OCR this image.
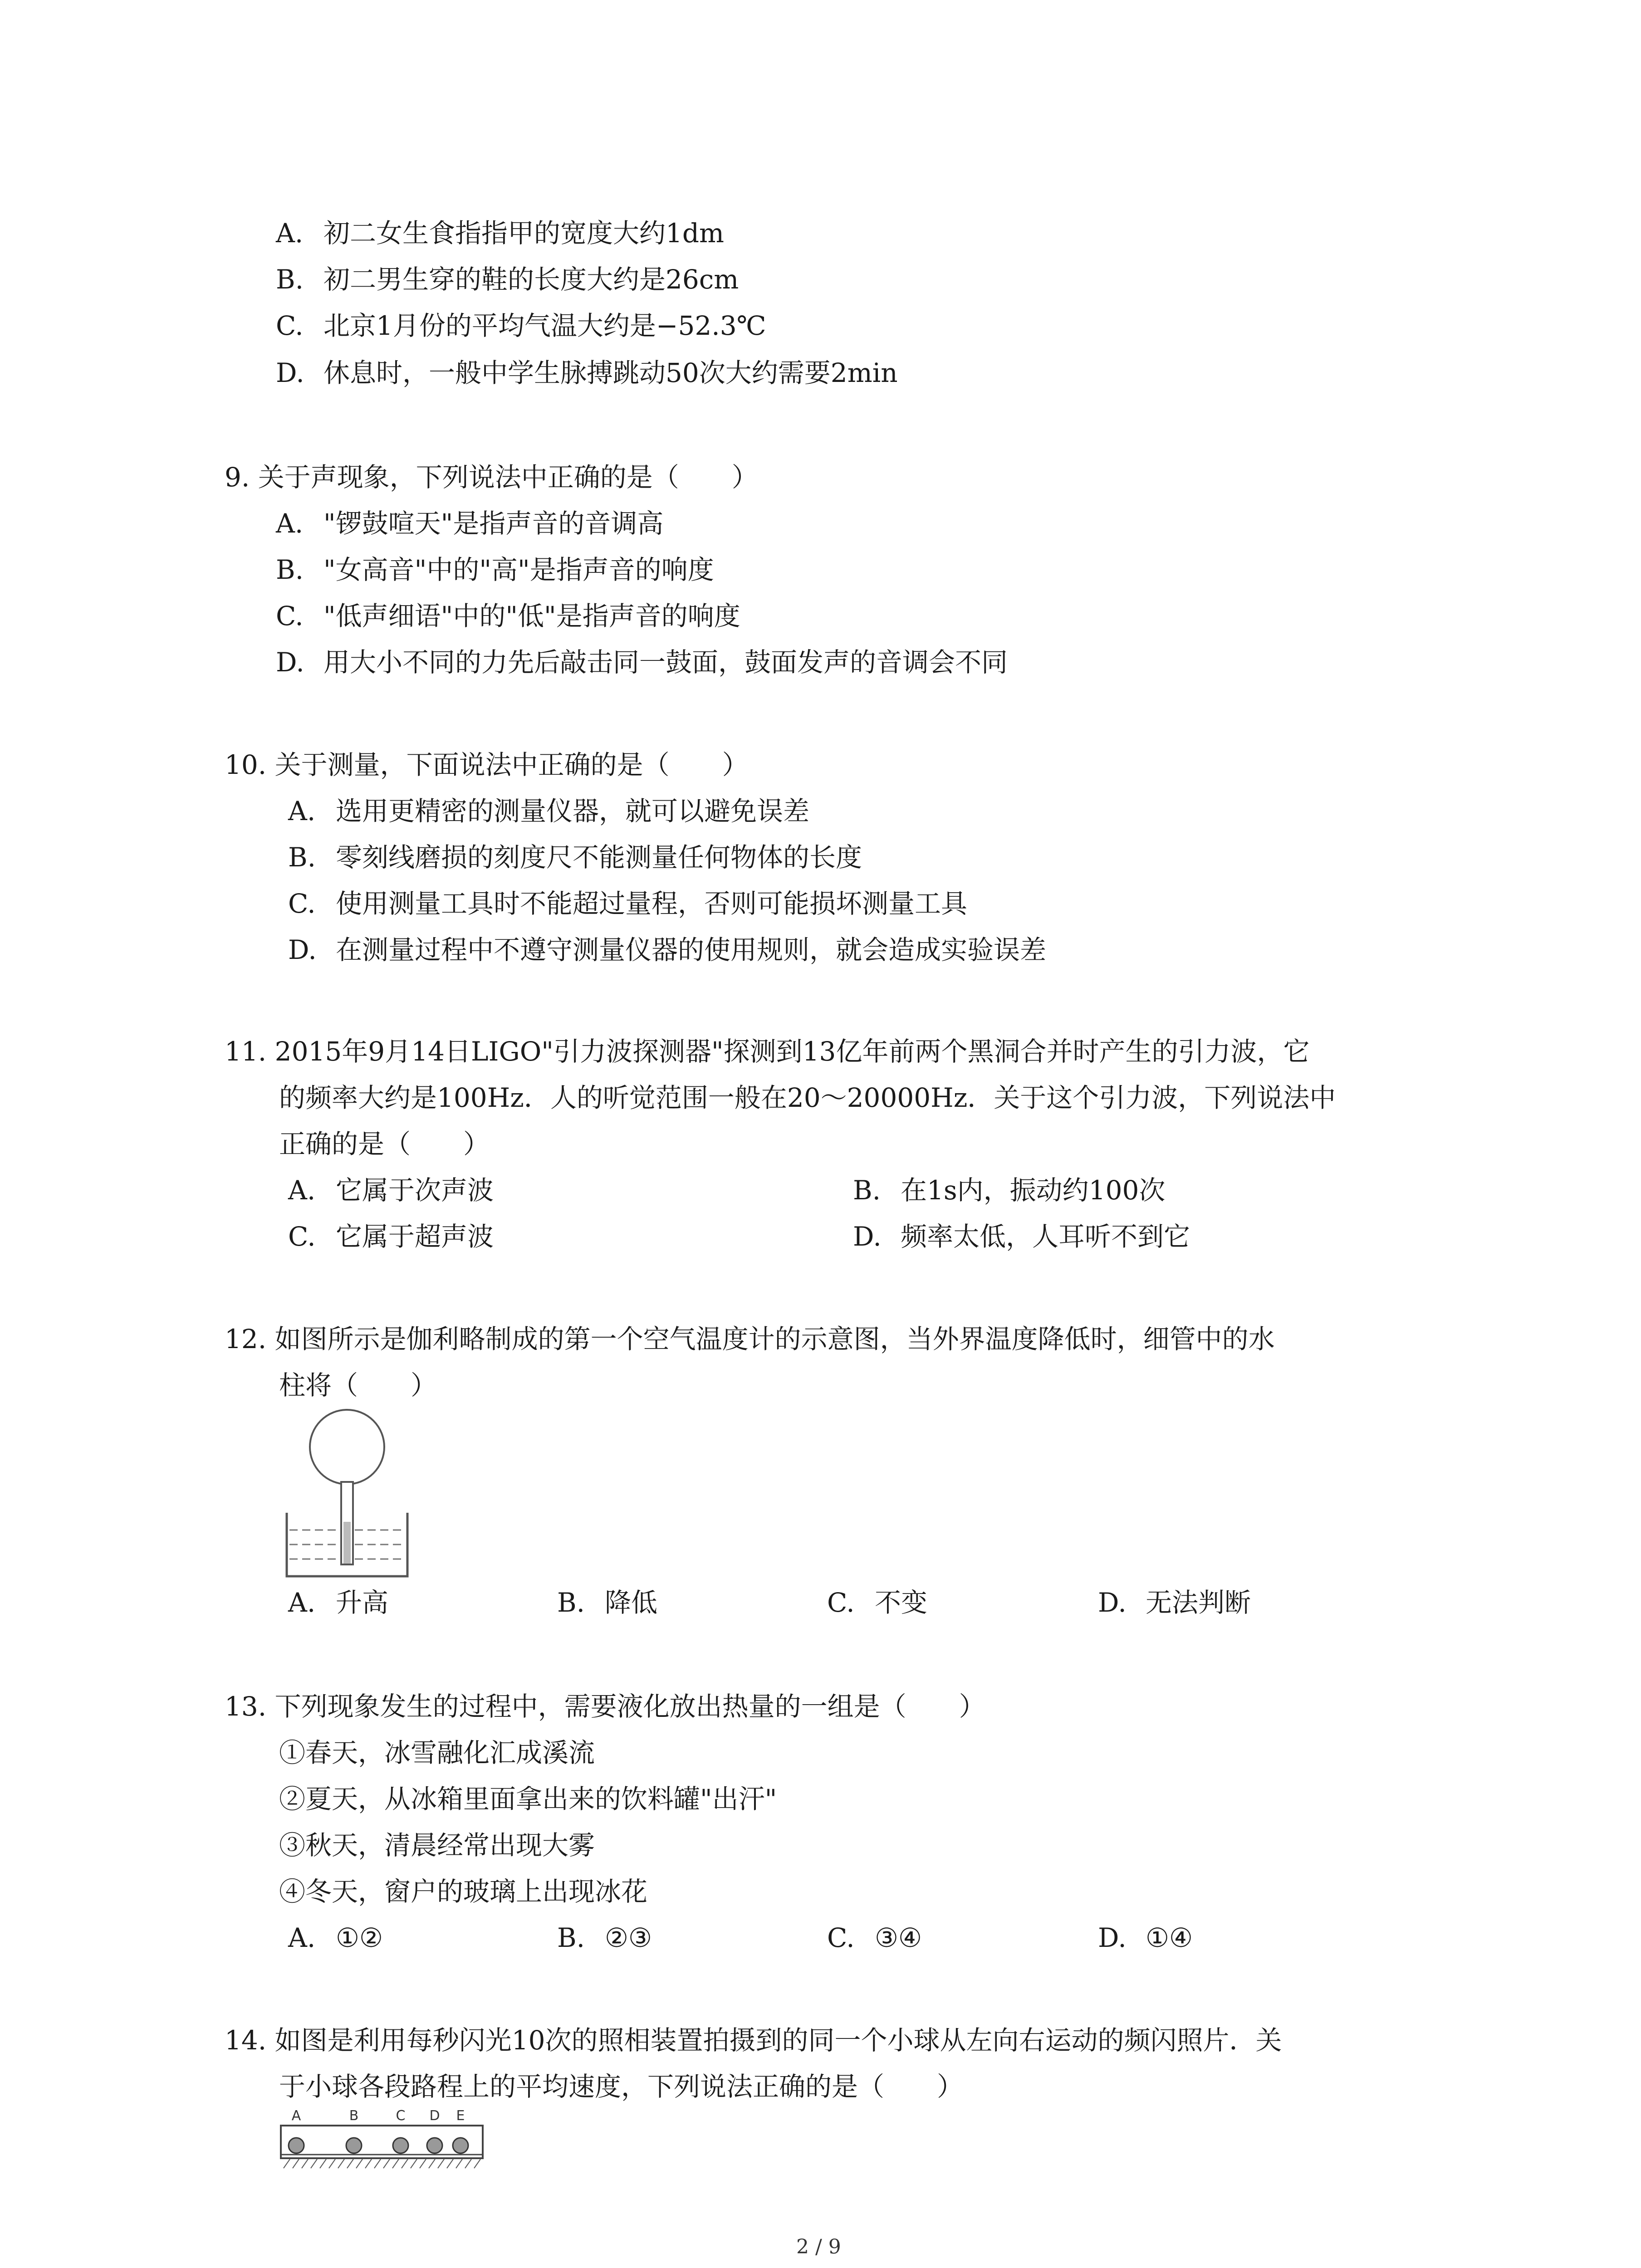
A. 初二女生食指指甲的宽度大约1dm
B. 初二男生穿的鞋的长度大约是26cm
C. 北京1月份的平均气温大约是−52.3℃
D. 休息时，一般中学生脉搏跳动50次大约需要2min
9. 关于声现象，下列说法中正确的是（　　）
A. "锣鼓喧天"是指声音的音调高
B. "女高音"中的"高"是指声音的响度
C. "低声细语"中的"低"是指声音的响度
D. 用大小不同的力先后敲击同一鼓面，鼓面发声的音调会不同
10. 关于测量，下面说法中正确的是（　　）
A. 选用更精密的测量仪器，就可以避免误差
B. 零刻线磨损的刻度尺不能测量任何物体的长度
C. 使用测量工具时不能超过量程，否则可能损坏测量工具
D. 在测量过程中不遵守测量仪器的使用规则，就会造成实验误差
11. 2015年9月14日LIGO"引力波探测器"探测到13亿年前两个黑洞合并时产生的引力波，它
的频率大约是100Hz．人的听觉范围一般在20～20000Hz．关于这个引力波，下列说法中
正确的是（　　）
A. 它属于次声波	B. 在1s内，振动约100次
C. 它属于超声波	D. 频率太低，人耳听不到它
12. 如图所示是伽利略制成的第一个空气温度计的示意图，当外界温度降低时，细管中的水
柱将（　　）
A. 升高	B. 降低	C. 不变	D. 无法判断
13. 下列现象发生的过程中，需要液化放出热量的一组是（　　）
①春天，冰雪融化汇成溪流
②夏天，从冰箱里面拿出来的饮料罐"出汗"
③秋天，清晨经常出现大雾
④冬天，窗户的玻璃上出现冰花
A. ①②	B. ②③	C. ③④	D. ①④
14. 如图是利用每秒闪光10次的照相装置拍摄到的同一个小球从左向右运动的频闪照片．关
于小球各段路程上的平均速度，下列说法正确的是（　　）
A	B	C D E
2 / 9
